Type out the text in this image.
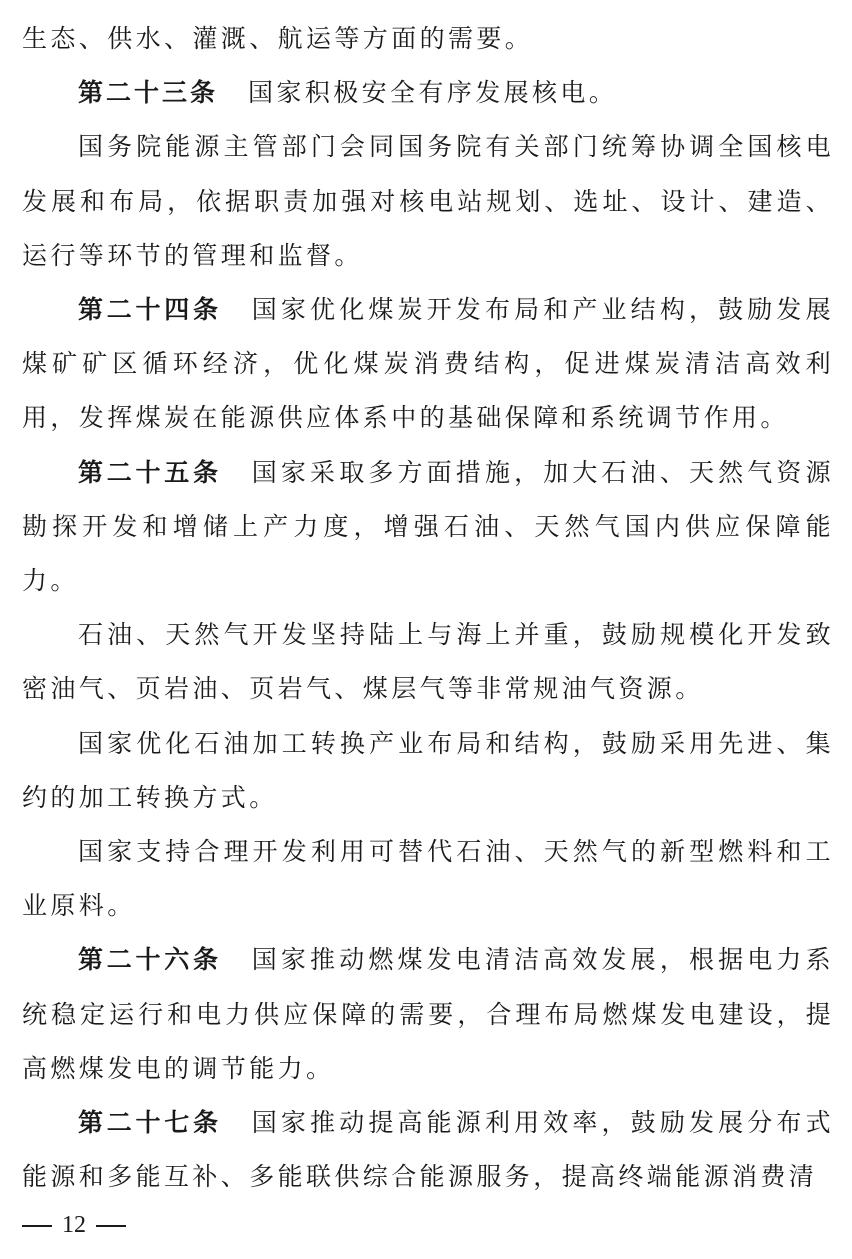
生态、供水、灌溉、航运等方面的需要。

第二十三条 国家积极安全有序发展核电。

国务院能源主管部门会同国务院有关部门统筹协调全国核电发展和布局，依据职责加强对核电站规划、选址、设计、建造、运行等环节的管理和监督。

第二十四条 国家优化煤炭开发布局和产业结构，鼓励发展煤矿矿区循环经济，优化煤炭消费结构，促进煤炭清洁高效利用，发挥煤炭在能源供应体系中的基础保障和系统调节作用。

第二十五条 国家采取多方面措施，加大石油、天然气资源勘探开发和增储上产力度，增强石油、天然气国内供应保障能力。

石油、天然气开发坚持陆上与海上并重，鼓励规模化开发致密油气、页岩油、页岩气、煤层气等非常规油气资源。

国家优化石油加工转换产业布局和结构，鼓励采用先进、集约的加工转换方式。

国家支持合理开发利用可替代石油、天然气的新型燃料和工业原料。

第二十六条 国家推动燃煤发电清洁高效发展，根据电力系统稳定运行和电力供应保障的需要，合理布局燃煤发电建设，提高燃煤发电的调节能力。

第二十七条 国家推动提高能源利用效率，鼓励发展分布式能源和多能互补、多能联供综合能源服务，提高终端能源消费清

12
